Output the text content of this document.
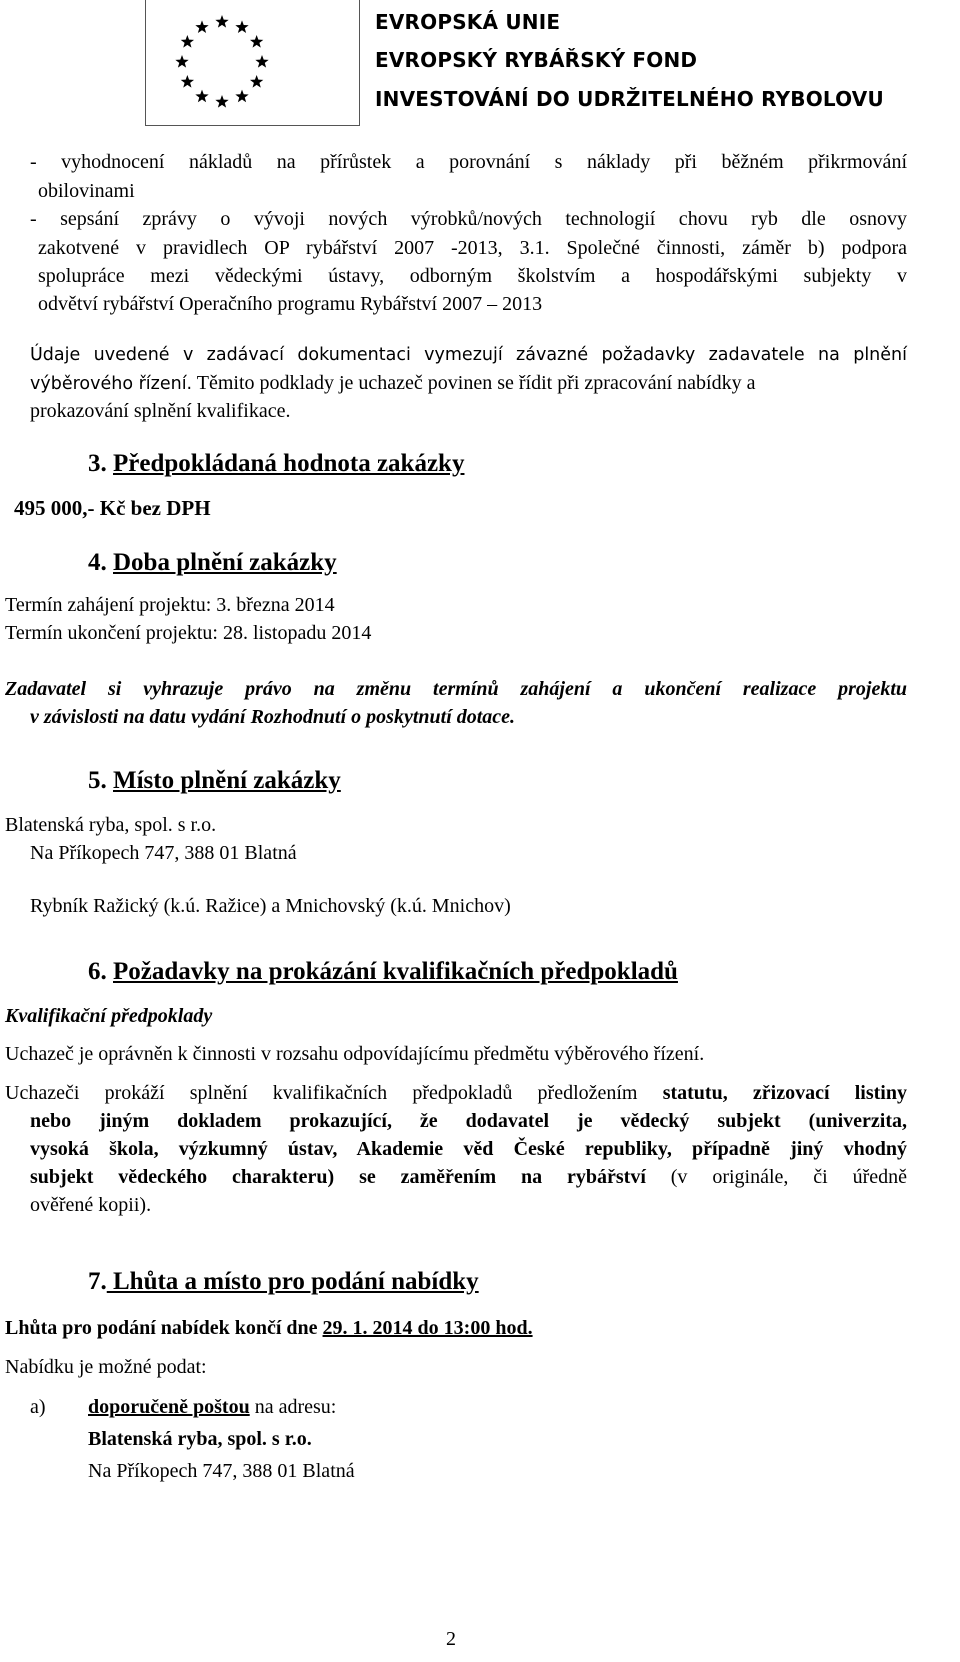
EVROPSKÁ UNIE
EVROPSKÝ RYBÁŘSKÝ FOND
INVESTOVÁNÍ DO UDRŽITELNÉHO RYBOLOVU
- vyhodnocení nákladů na přírůstek a porovnání s náklady při běžném přikrmování
obilovinami
- sepsání zprávy o vývoji nových výrobků/nových technologií chovu ryb dle osnovy
zakotvené v pravidlech OP rybářství 2007 -2013, 3.1. Společné činnosti, záměr b) podpora
spolupráce mezi vědeckými ústavy, odborným školstvím a hospodářskými subjekty v
odvětví rybářství Operačního programu Rybářství 2007 – 2013
Údaje uvedené v zadávací dokumentaci vymezují závazné požadavky zadavatele na plnění
výběrového řízení. Těmito podklady je uchazeč povinen se řídit při zpracování nabídky a
prokazování splnění kvalifikace.
3. Předpokládaná hodnota zakázky
495 000,- Kč bez DPH
4. Doba plnění zakázky
Termín zahájení projektu: 3. března 2014
Termín ukončení projektu: 28. listopadu 2014
Zadavatel si vyhrazuje právo na změnu termínů zahájení a ukončení realizace projektu
v závislosti na datu vydání Rozhodnutí o poskytnutí dotace.
5. Místo plnění zakázky
Blatenská ryba, spol. s r.o.
Na Příkopech 747, 388 01 Blatná
Rybník Ražický (k.ú. Ražice) a Mnichovský (k.ú. Mnichov)
6. Požadavky na prokázání kvalifikačních předpokladů
Kvalifikační předpoklady
Uchazeč je oprávněn k činnosti v rozsahu odpovídajícímu předmětu výběrového řízení.
Uchazeči prokáží splnění kvalifikačních předpokladů předložením statutu, zřizovací listiny
nebo jiným dokladem prokazující, že dodavatel je vědecký subjekt (univerzita,
vysoká škola, výzkumný ústav, Akademie věd České republiky, případně jiný vhodný
subjekt vědeckého charakteru) se zaměřením na rybářství (v originále, či úředně
ověřené kopii).
7. Lhůta a místo pro podání nabídky
Lhůta pro podání nabídek končí dne 29. 1. 2014 do 13:00 hod.
Nabídku je možné podat:
a) doporučeně poštou na adresu:
Blatenská ryba, spol. s r.o.
Na Příkopech 747, 388 01 Blatná
2
